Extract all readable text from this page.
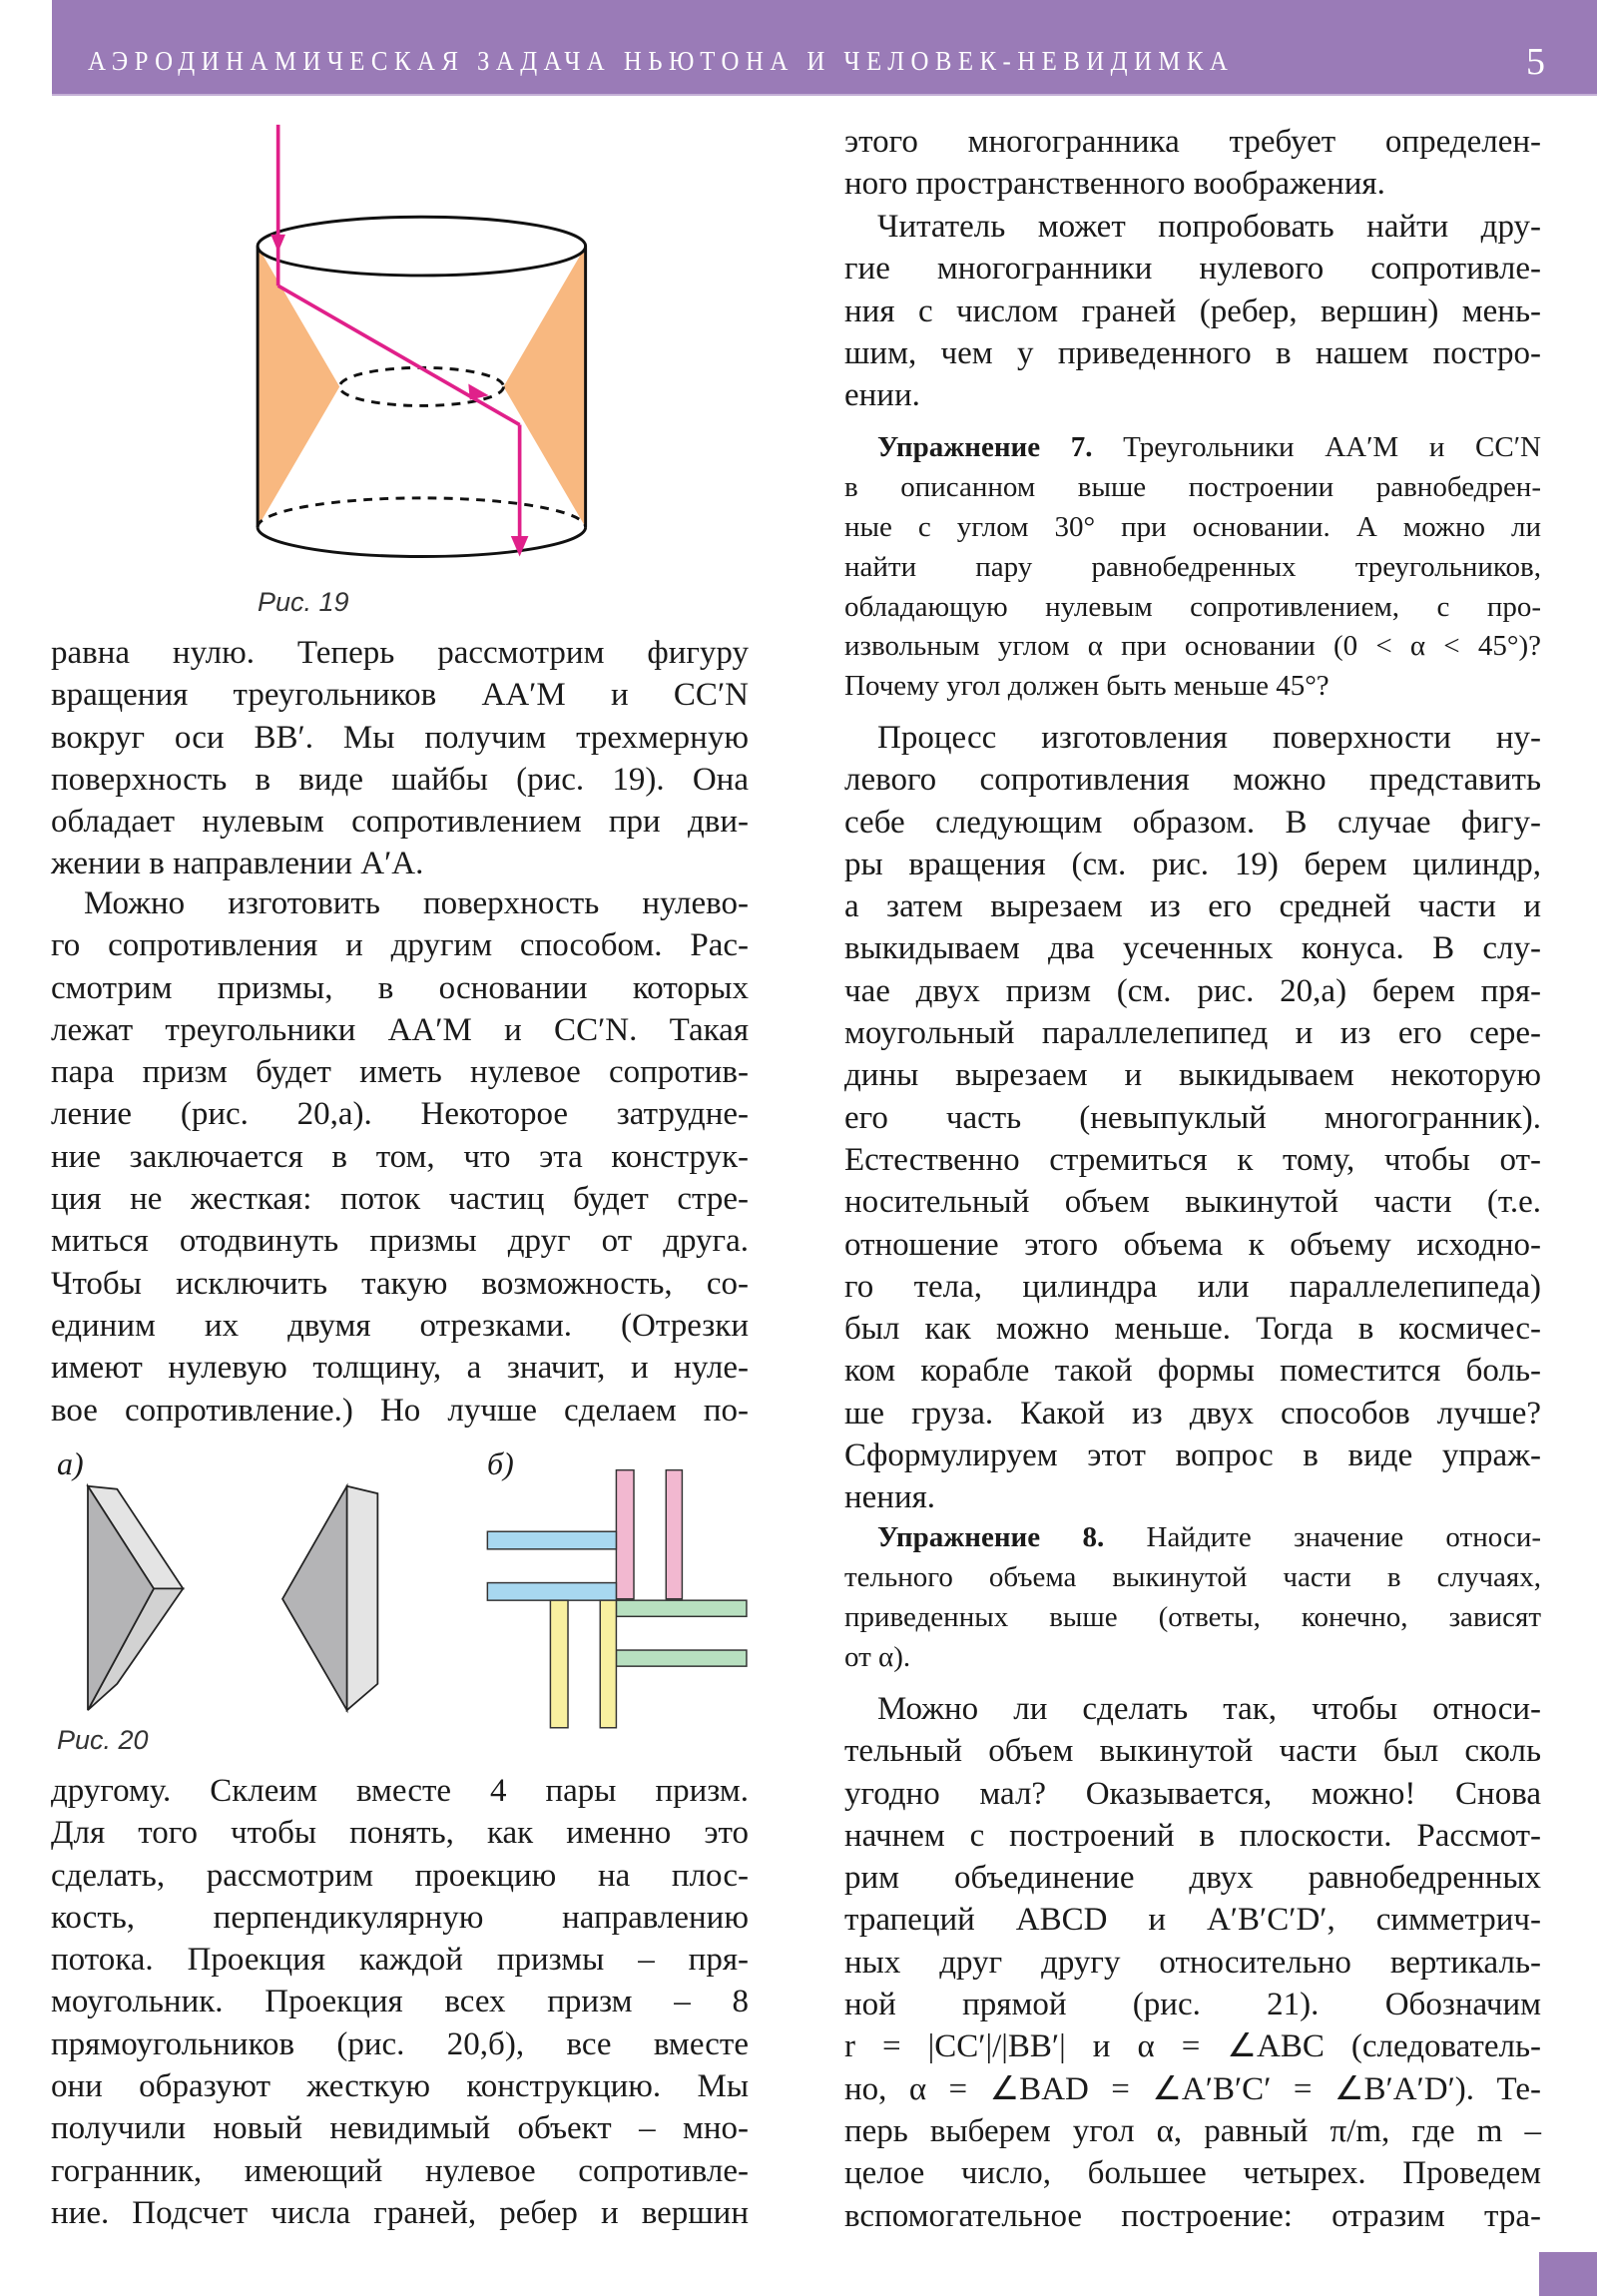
АЭРОДИНАМИЧЕСКАЯ ЗАДАЧА НЬЮТОНА И ЧЕЛОВЕК-НЕВИДИМКА	5
Рис. 19
а)	б)
Рис. 20
равна нулю. Теперь рассмотрим фигуру
вращения треугольников AA′M и CC′N
вокруг оси BB′. Мы получим трехмерную
поверхность в виде шайбы (рис. 19). Она
обладает нулевым сопротивлением при дви-
жении в направлении A′A.
Можно изготовить поверхность нулево-
го сопротивления и другим способом. Рас-
смотрим призмы, в основании которых
лежат треугольники AA′M и CC′N. Такая
пара призм будет иметь нулевое сопротив-
ление (рис. 20,а). Некоторое затрудне-
ние заключается в том, что эта конструк-
ция не жесткая: поток частиц будет стре-
миться отодвинуть призмы друг от друга.
Чтобы исключить такую возможность, со-
единим их двумя отрезками. (Отрезки
имеют нулевую толщину, а значит, и нуле-
вое сопротивление.) Но лучше сделаем по-
другому. Склеим вместе 4 пары призм.
Для того чтобы понять, как именно это
сделать, рассмотрим проекцию на плос-
кость, перпендикулярную направлению
потока. Проекция каждой призмы – пря-
моугольник. Проекция всех призм – 8
прямоугольников (рис. 20,б), все вместе
они образуют жесткую конструкцию. Мы
получили новый невидимый объект – мно-
гогранник, имеющий нулевое сопротивле-
ние. Подсчет числа граней, ребер и вершин
этого многогранника требует определен-
ного пространственного воображения.
Читатель может попробовать найти дру-
гие многогранники нулевого сопротивле-
ния с числом граней (ребер, вершин) мень-
шим, чем у приведенного в нашем постро-
ении.
Упражнение 7. Треугольники AA′M и CC′N
в описанном выше построении равнобедрен-
ные с углом 30° при основании. А можно ли
найти пару равнобедренных треугольников,
обладающую нулевым сопротивлением, с про-
извольным углом α при основании (0 < α < 45°)?
Почему угол должен быть меньше 45°?
Процесс изготовления поверхности ну-
левого сопротивления можно представить
себе следующим образом. В случае фигу-
ры вращения (см. рис. 19) берем цилиндр,
а затем вырезаем из его средней части и
выкидываем два усеченных конуса. В слу-
чае двух призм (см. рис. 20,а) берем пря-
моугольный параллелепипед и из его сере-
дины вырезаем и выкидываем некоторую
его часть (невыпуклый многогранник).
Естественно стремиться к тому, чтобы от-
носительный объем выкинутой части (т.е.
отношение этого объема к объему исходно-
го тела, цилиндра или параллелепипеда)
был как можно меньше. Тогда в космичес-
ком корабле такой формы поместится боль-
ше груза. Какой из двух способов лучше?
Сформулируем этот вопрос в виде упраж-
нения.
Упражнение 8. Найдите значение относи-
тельного объема выкинутой части в случаях,
приведенных выше (ответы, конечно, зависят
от α).
Можно ли сделать так, чтобы относи-
тельный объем выкинутой части был сколь
угодно мал? Оказывается, можно! Снова
начнем с построений в плоскости. Рассмот-
рим объединение двух равнобедренных
трапеций ABCD и A′B′C′D′, симметрич-
ных друг другу относительно вертикаль-
ной прямой (рис. 21). Обозначим
r = |CC′|/|BB′| и α = ∠ABC (следователь-
но, α = ∠BAD = ∠A′B′C′ = ∠B′A′D′). Те-
перь выберем угол α, равный π/m, где m –
целое число, большее четырех. Проведем
вспомогательное построение: отразим тра-
